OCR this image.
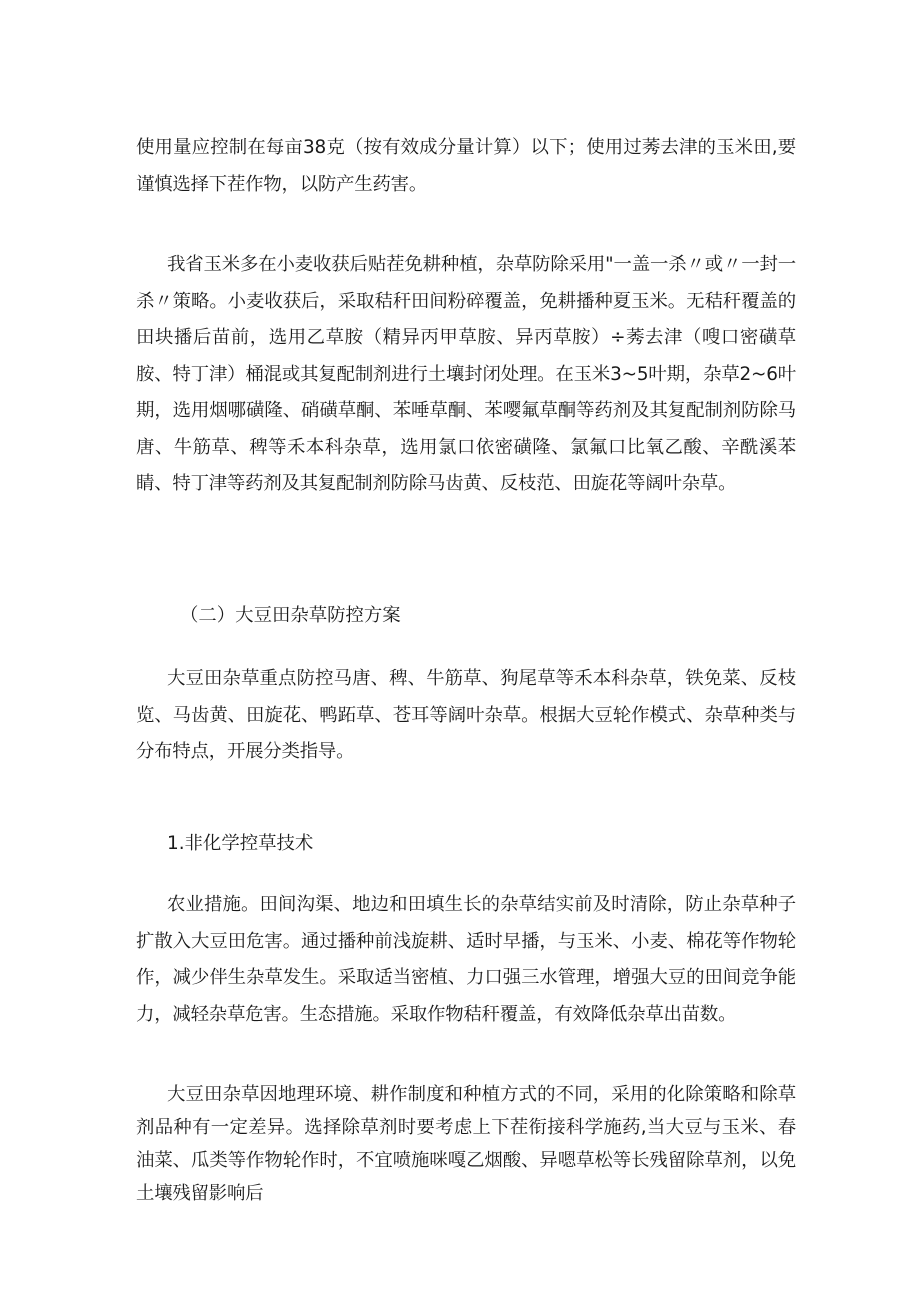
使用量应控制在每亩38克（按有效成分量计算）以下；使用过莠去津的玉米田,要谨慎选择下茬作物，以防产生药害。

我省玉米多在小麦收获后贴茬免耕种植，杂草防除采用"一盖一杀〃或〃一封一杀〃策略。小麦收获后，采取秸秆田间粉碎覆盖，免耕播种夏玉米。无秸秆覆盖的田块播后苗前，选用乙草胺（精异丙甲草胺、异丙草胺）÷莠去津（嗖口密磺草胺、特丁津）桶混或其复配制剂进行土壤封闭处理。在玉米3~5叶期，杂草2~6叶期，选用烟哪磺隆、硝磺草酮、苯唾草酮、苯嘤氟草酮等药剂及其复配制剂防除马唐、牛筋草、稗等禾本科杂草，选用氯口依密磺隆、氯氟口比氧乙酸、辛酰溪苯睛、特丁津等药剂及其复配制剂防除马齿黄、反枝范、田旋花等阔叶杂草。

（二）大豆田杂草防控方案

大豆田杂草重点防控马唐、稗、牛筋草、狗尾草等禾本科杂草，铁免菜、反枝览、马齿黄、田旋花、鸭跖草、苍耳等阔叶杂草。根据大豆轮作模式、杂草种类与分布特点，开展分类指导。

1.非化学控草技术

农业措施。田间沟渠、地边和田填生长的杂草结实前及时清除，防止杂草种子扩散入大豆田危害。通过播种前浅旋耕、适时早播，与玉米、小麦、棉花等作物轮作，减少伴生杂草发生。采取适当密植、力口强三水管理，增强大豆的田间竞争能力，减轻杂草危害。生态措施。采取作物秸秆覆盖，有效降低杂草出苗数。

大豆田杂草因地理环境、耕作制度和种植方式的不同，采用的化除策略和除草剂品种有一定差异。选择除草剂时要考虑上下茬衔接科学施药,当大豆与玉米、春油菜、瓜类等作物轮作时，不宜喷施咪嘎乙烟酸、异嗯草松等长残留除草剂，以免土壤残留影响后
